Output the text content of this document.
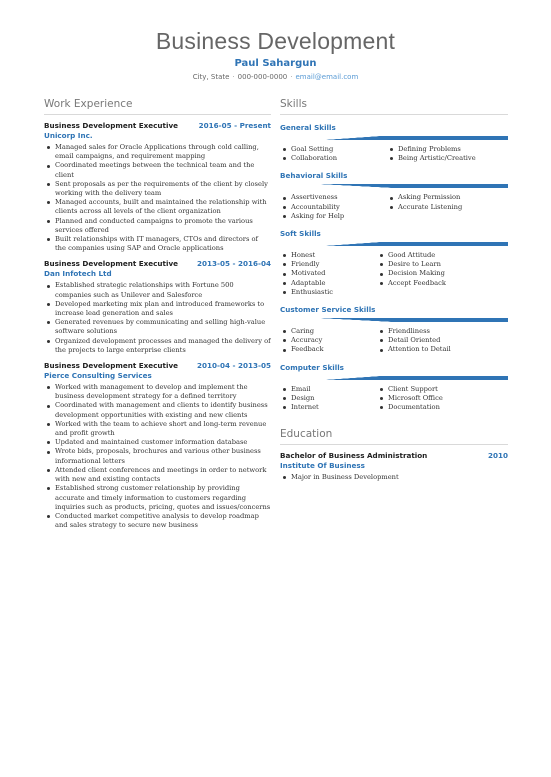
Business Development
Paul Sahargun
City, State · 000-000-0000 · email@email.com
Work Experience
Business Development Executive	2016-05 - Present
Unicorp Inc.
Managed sales for Oracle Applications through cold calling, email campaigns, and requirement mapping
Coordinated meetings between the technical team and the client
Sent proposals as per the requirements of the client by closely working with the delivery team
Managed accounts, built and maintained the relationship with clients across all levels of the client organization
Planned and conducted campaigns to promote the various services offered
Built relationships with IT managers, CTOs and directors of the companies using SAP and Oracle applications
Business Development Executive	2013-05 - 2016-04
Dan Infotech Ltd
Established strategic relationships with Fortune 500 companies such as Unilever and Salesforce
Developed marketing mix plan and introduced frameworks to increase lead generation and sales
Generated revenues by communicating and selling high-value software solutions
Organized development processes and managed the delivery of the projects to large enterprise clients
Business Development Executive	2010-04 - 2013-05
Pierce Consulting Services
Worked with management to develop and implement the business development strategy for a defined territory
Coordinated with management and clients to identify business development opportunities with existing and new clients
Worked with the team to achieve short and long-term revenue and profit growth
Updated and maintained customer information database
Wrote bids, proposals, brochures and various other business informational letters
Attended client conferences and meetings in order to network with new and existing contacts
Established strong customer relationship by providing accurate and timely information to customers regarding inquiries such as products, pricing, quotes and issues/concerns
Conducted market competitive analysis to develop roadmap and sales strategy to secure new business
Skills
General Skills
Goal Setting
Collaboration
Defining Problems
Being Artistic/Creative
Behavioral Skills
Assertiveness
Accountability
Asking for Help
Asking Permission
Accurate Listening
Soft Skills
Honest
Friendly
Motivated
Adaptable
Enthusiastic
Good Attitude
Desire to Learn
Decision Making
Accept Feedback
Customer Service Skills
Caring
Accuracy
Feedback
Friendliness
Detail Oriented
Attention to Detail
Computer Skills
Email
Design
Internet
Client Support
Microsoft Office
Documentation
Education
Bachelor of Business Administration	2010
Institute Of Business
Major in Business Development
